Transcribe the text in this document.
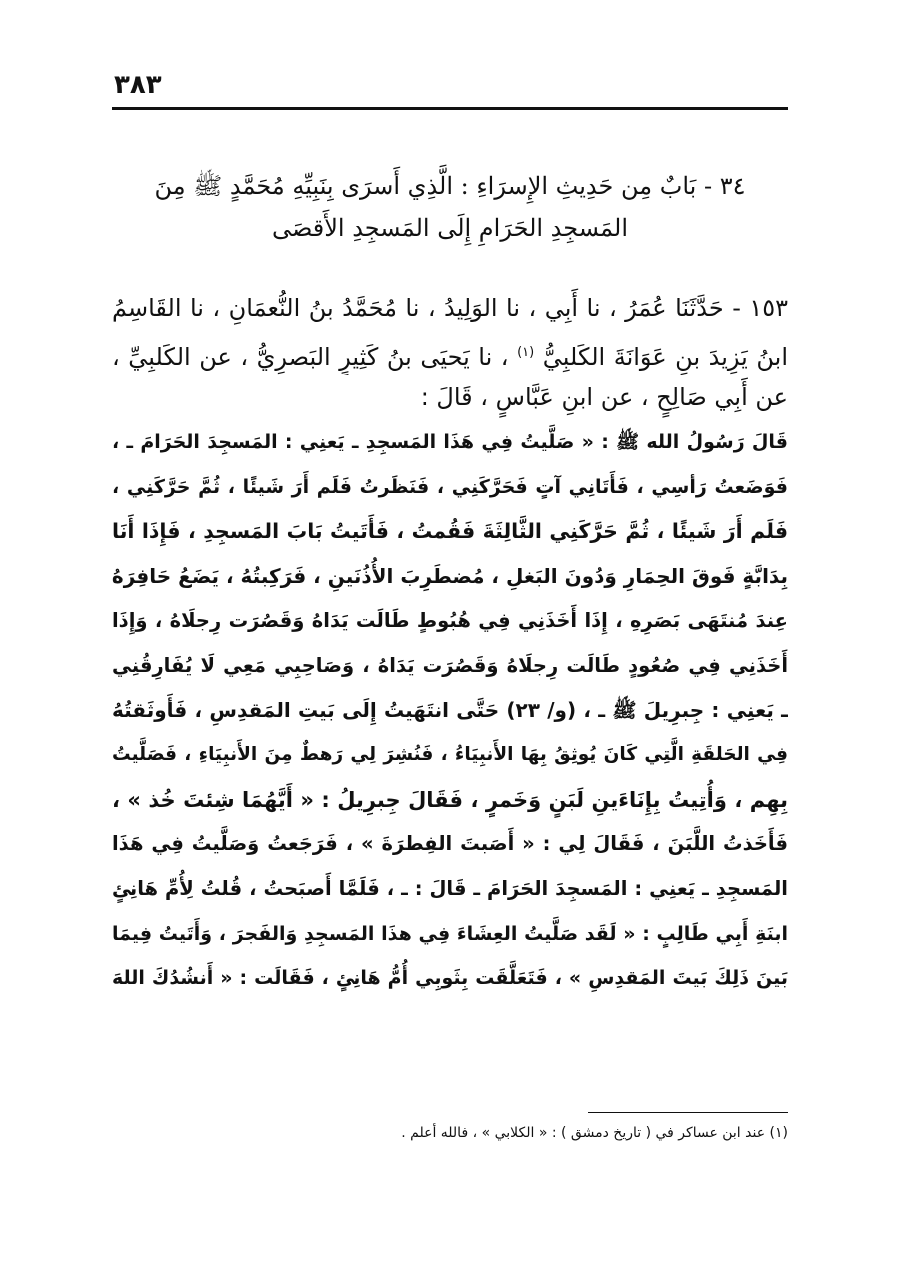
٣٨٣
٣٤ - بَابٌ مِن حَدِيثِ الإِسرَاءِ : الَّذِي أَسرَى بِنَبِيِّهِ مُحَمَّدٍ ﷺ مِنَ
المَسجِدِ الحَرَامِ إِلَى المَسجِدِ الأَقصَى
١٥٣ - حَدَّثَنَا عُمَرُ ، نا أَبِي ، نا الوَلِيدُ ، نا مُحَمَّدُ بنُ النُّعمَانِ ، نا القَاسِمُ
ابنُ يَزِيدَ بنِ عَوَانَةَ الكَلبِيُّ $^{(١)}$ ، نا يَحيَى بنُ كَثِيرٍ البَصرِيُّ ، عن الكَلبِيِّ ،
عن أَبِي صَالِحٍ ، عن ابنِ عَبَّاسٍ ، قَالَ :
قَالَ رَسُولُ الله ﷺ : « صَلَّيتُ فِي هَذَا المَسجِدِ ـ يَعنِي : المَسجِدَ الحَرَامَ ـ ،
فَوَضَعتُ رَأسِي ، فَأَتَانِي آتٍ فَحَرَّكَنِي ، فَنَظَرتُ فَلَم أَرَ شَيئًا ، ثُمَّ حَرَّكَنِي ،
فَلَم أَرَ شَيئًا ، ثُمَّ حَرَّكَنِي الثَّالِثَةَ فَقُمتُ ، فَأَتَيتُ بَابَ المَسجِدِ ، فَإِذَا أَنَا
بِدَابَّةٍ فَوقَ الحِمَارِ وَدُونَ البَغلِ ، مُضطَرِبَ الأُذُنَينِ ، فَرَكِبتُهُ ، يَضَعُ حَافِرَهُ
عِندَ مُنتَهَى بَصَرِهِ ، إِذَا أَخَذَنِي فِي هُبُوطٍ طَالَت يَدَاهُ وَقَصُرَت رِجلَاهُ ، وَإِذَا
أَخَذَنِي فِي صُعُودٍ طَالَت رِجلَاهُ وَقَصُرَت يَدَاهُ ، وَصَاحِبِي مَعِي لَا يُفَارِقُنِي
ـ يَعنِي : جِبرِيلَ ﷺ ـ ، (و/ ٢٣) حَتَّى انتَهَيتُ إِلَى بَيتِ المَقدِسِ ، فَأَوثَقتُهُ
فِي الحَلقَةِ الَّتِي كَانَ يُوثِقُ بِهَا الأَنبِيَاءُ ، فَنُشِرَ لِي رَهطٌ مِنَ الأَنبِيَاءِ ، فَصَلَّيتُ
بِهِم ، وَأُتِيتُ بِإِنَاءَينِ لَبَنٍ وَخَمرٍ ، فَقَالَ جِبرِيلُ : « أَيَّهُمَا شِئتَ خُذ » ،
فَأَخَذتُ اللَّبَنَ ، فَقَالَ لِي : « أَصَبتَ الفِطرَةَ » ، فَرَجَعتُ وَصَلَّيتُ فِي هَذَا
المَسجِدِ ـ يَعنِي : المَسجِدَ الحَرَامَ ـ قَالَ : ـ ، فَلَمَّا أَصبَحتُ ، قُلتُ لِأُمِّ هَانِئٍ
ابنَةِ أَبِي طَالِبٍ : « لَقَد صَلَّيتُ العِشَاءَ فِي هذَا المَسجِدِ وَالفَجرَ ، وَأَتَيتُ فِيمَا
بَينَ ذَلِكَ بَيتَ المَقدِسِ » ، فَتَعَلَّقَت بِثَوبِي أُمُّ هَانِئٍ ، فَقَالَت : « أَنشُدُكَ اللهَ
(١) عند ابن عساكر في ( تاريخ دمشق ) : « الكلابي » ، فالله أعلم .
